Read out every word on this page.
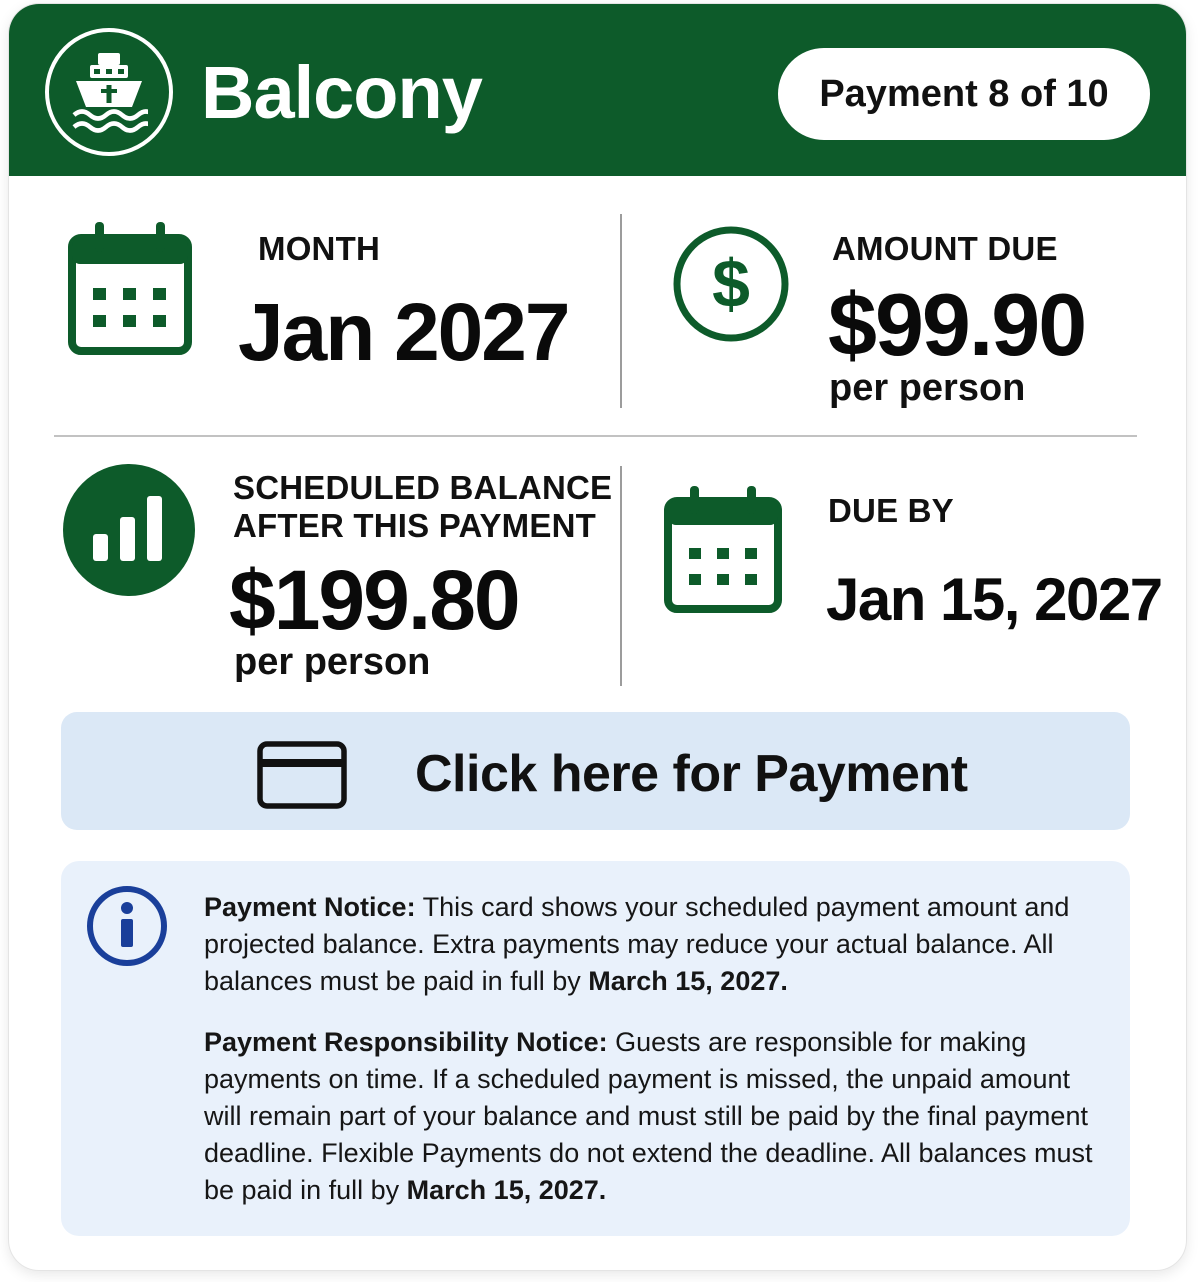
Balcony	Payment 8 of 10
MONTH
Jan 2027
$ AMOUNT DUE
$99.90
per person
SCHEDULED BALANCE
AFTER THIS PAYMENT
$199.80
per person
DUE BY
Jan 15, 2027
Click here for Payment
Payment Notice: This card shows your scheduled payment amount and projected balance. Extra payments may reduce your actual balance. All balances must be paid in full by March 15, 2027.
Payment Responsibility Notice: Guests are responsible for making payments on time. If a scheduled payment is missed, the unpaid amount will remain part of your balance and must still be paid by the final payment deadline. Flexible Payments do not extend the deadline. All balances must be paid in full by March 15, 2027.
